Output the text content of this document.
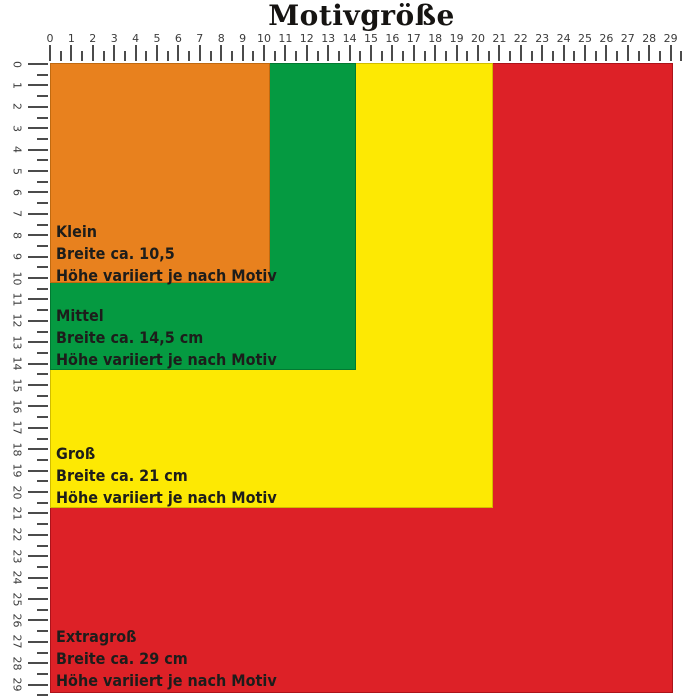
Motivgröße
Klein
Breite ca. 10,5
Höhe variiert je nach Motiv
Mittel
Breite ca. 14,5 cm
Höhe variiert je nach Motiv
Groß
Breite ca. 21 cm
Höhe variiert je nach Motiv
Extragroß
Breite ca. 29 cm
Höhe variiert je nach Motiv
0	1	2	3	4	5	6	7	8	9 10 11 12 13 14 15 16 17 18 19 20 21 22 23 24 25 26 27 28 29
0
1
2
3
4
5
6
7
8
9
10
11
12
13
14
15
16
17
18
19
20
21
22
23
24
25
26
27
28
29
